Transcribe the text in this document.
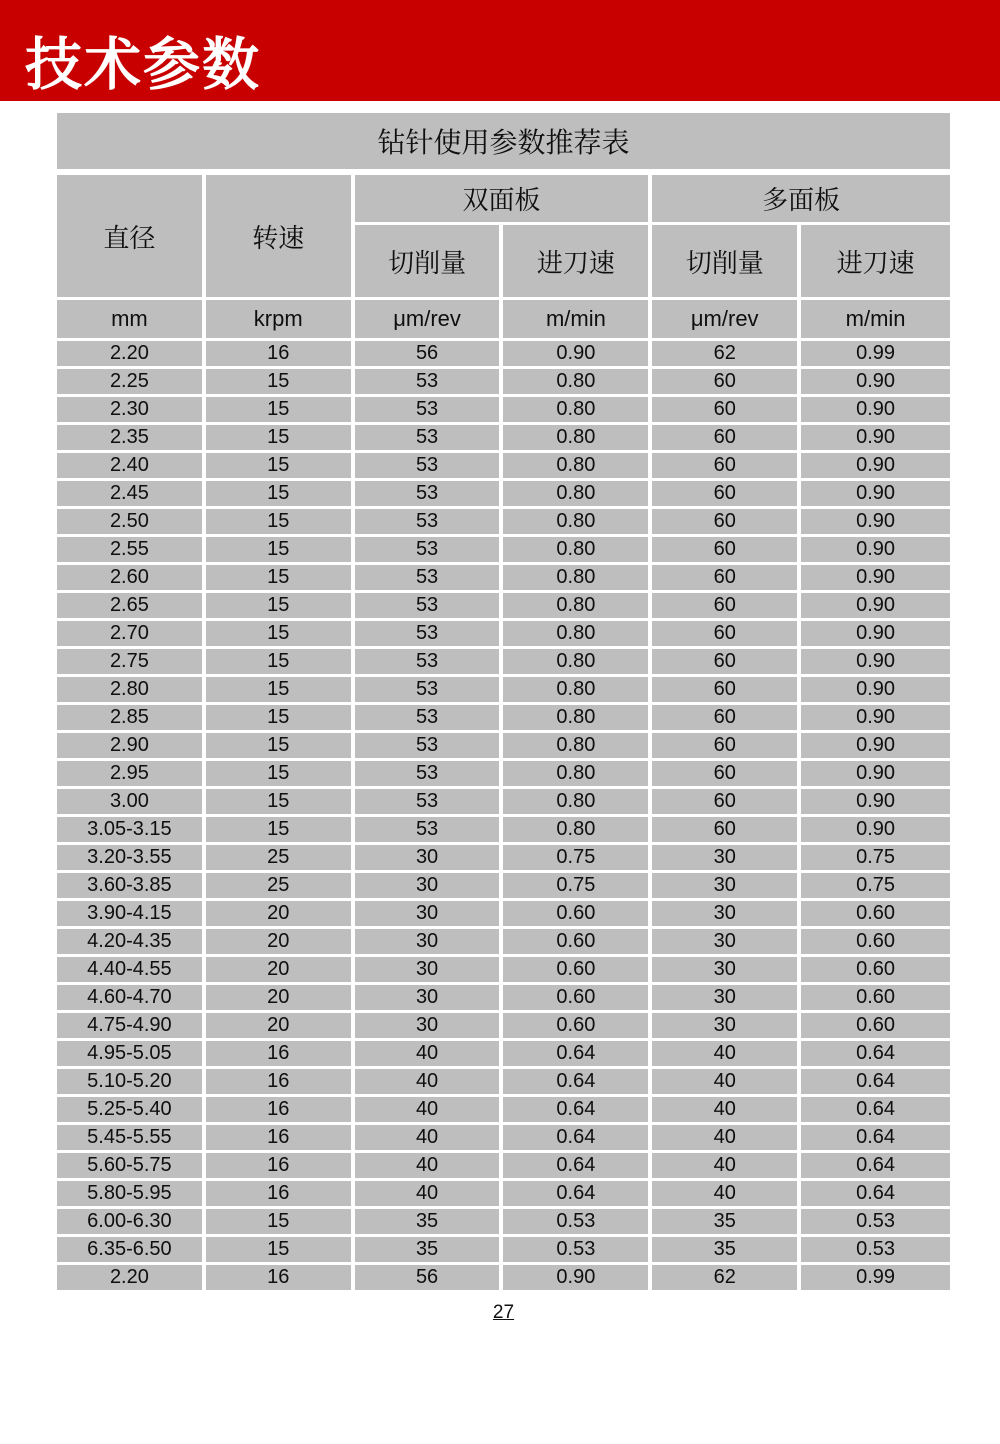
技术参数
钻针使用参数推荐表					
直径	转速	双面板		多面板	
		切削量	进刀速	切削量	进刀速
mm	krpm	μm/rev	m/min	μm/rev	m/min
2.20	16	56	0.90	62	0.99
2.25	15	53	0.80	60	0.90
2.30	15	53	0.80	60	0.90
2.35	15	53	0.80	60	0.90
2.40	15	53	0.80	60	0.90
2.45	15	53	0.80	60	0.90
2.50	15	53	0.80	60	0.90
2.55	15	53	0.80	60	0.90
2.60	15	53	0.80	60	0.90
2.65	15	53	0.80	60	0.90
2.70	15	53	0.80	60	0.90
2.75	15	53	0.80	60	0.90
2.80	15	53	0.80	60	0.90
2.85	15	53	0.80	60	0.90
2.90	15	53	0.80	60	0.90
2.95	15	53	0.80	60	0.90
3.00	15	53	0.80	60	0.90
3.05-3.15	15	53	0.80	60	0.90
3.20-3.55	25	30	0.75	30	0.75
3.60-3.85	25	30	0.75	30	0.75
3.90-4.15	20	30	0.60	30	0.60
4.20-4.35	20	30	0.60	30	0.60
4.40-4.55	20	30	0.60	30	0.60
4.60-4.70	20	30	0.60	30	0.60
4.75-4.90	20	30	0.60	30	0.60
4.95-5.05	16	40	0.64	40	0.64
5.10-5.20	16	40	0.64	40	0.64
5.25-5.40	16	40	0.64	40	0.64
5.45-5.55	16	40	0.64	40	0.64
5.60-5.75	16	40	0.64	40	0.64
5.80-5.95	16	40	0.64	40	0.64
6.00-6.30	15	35	0.53	35	0.53
6.35-6.50	15	35	0.53	35	0.53
2.20	16	56	0.90	62	0.99
27
